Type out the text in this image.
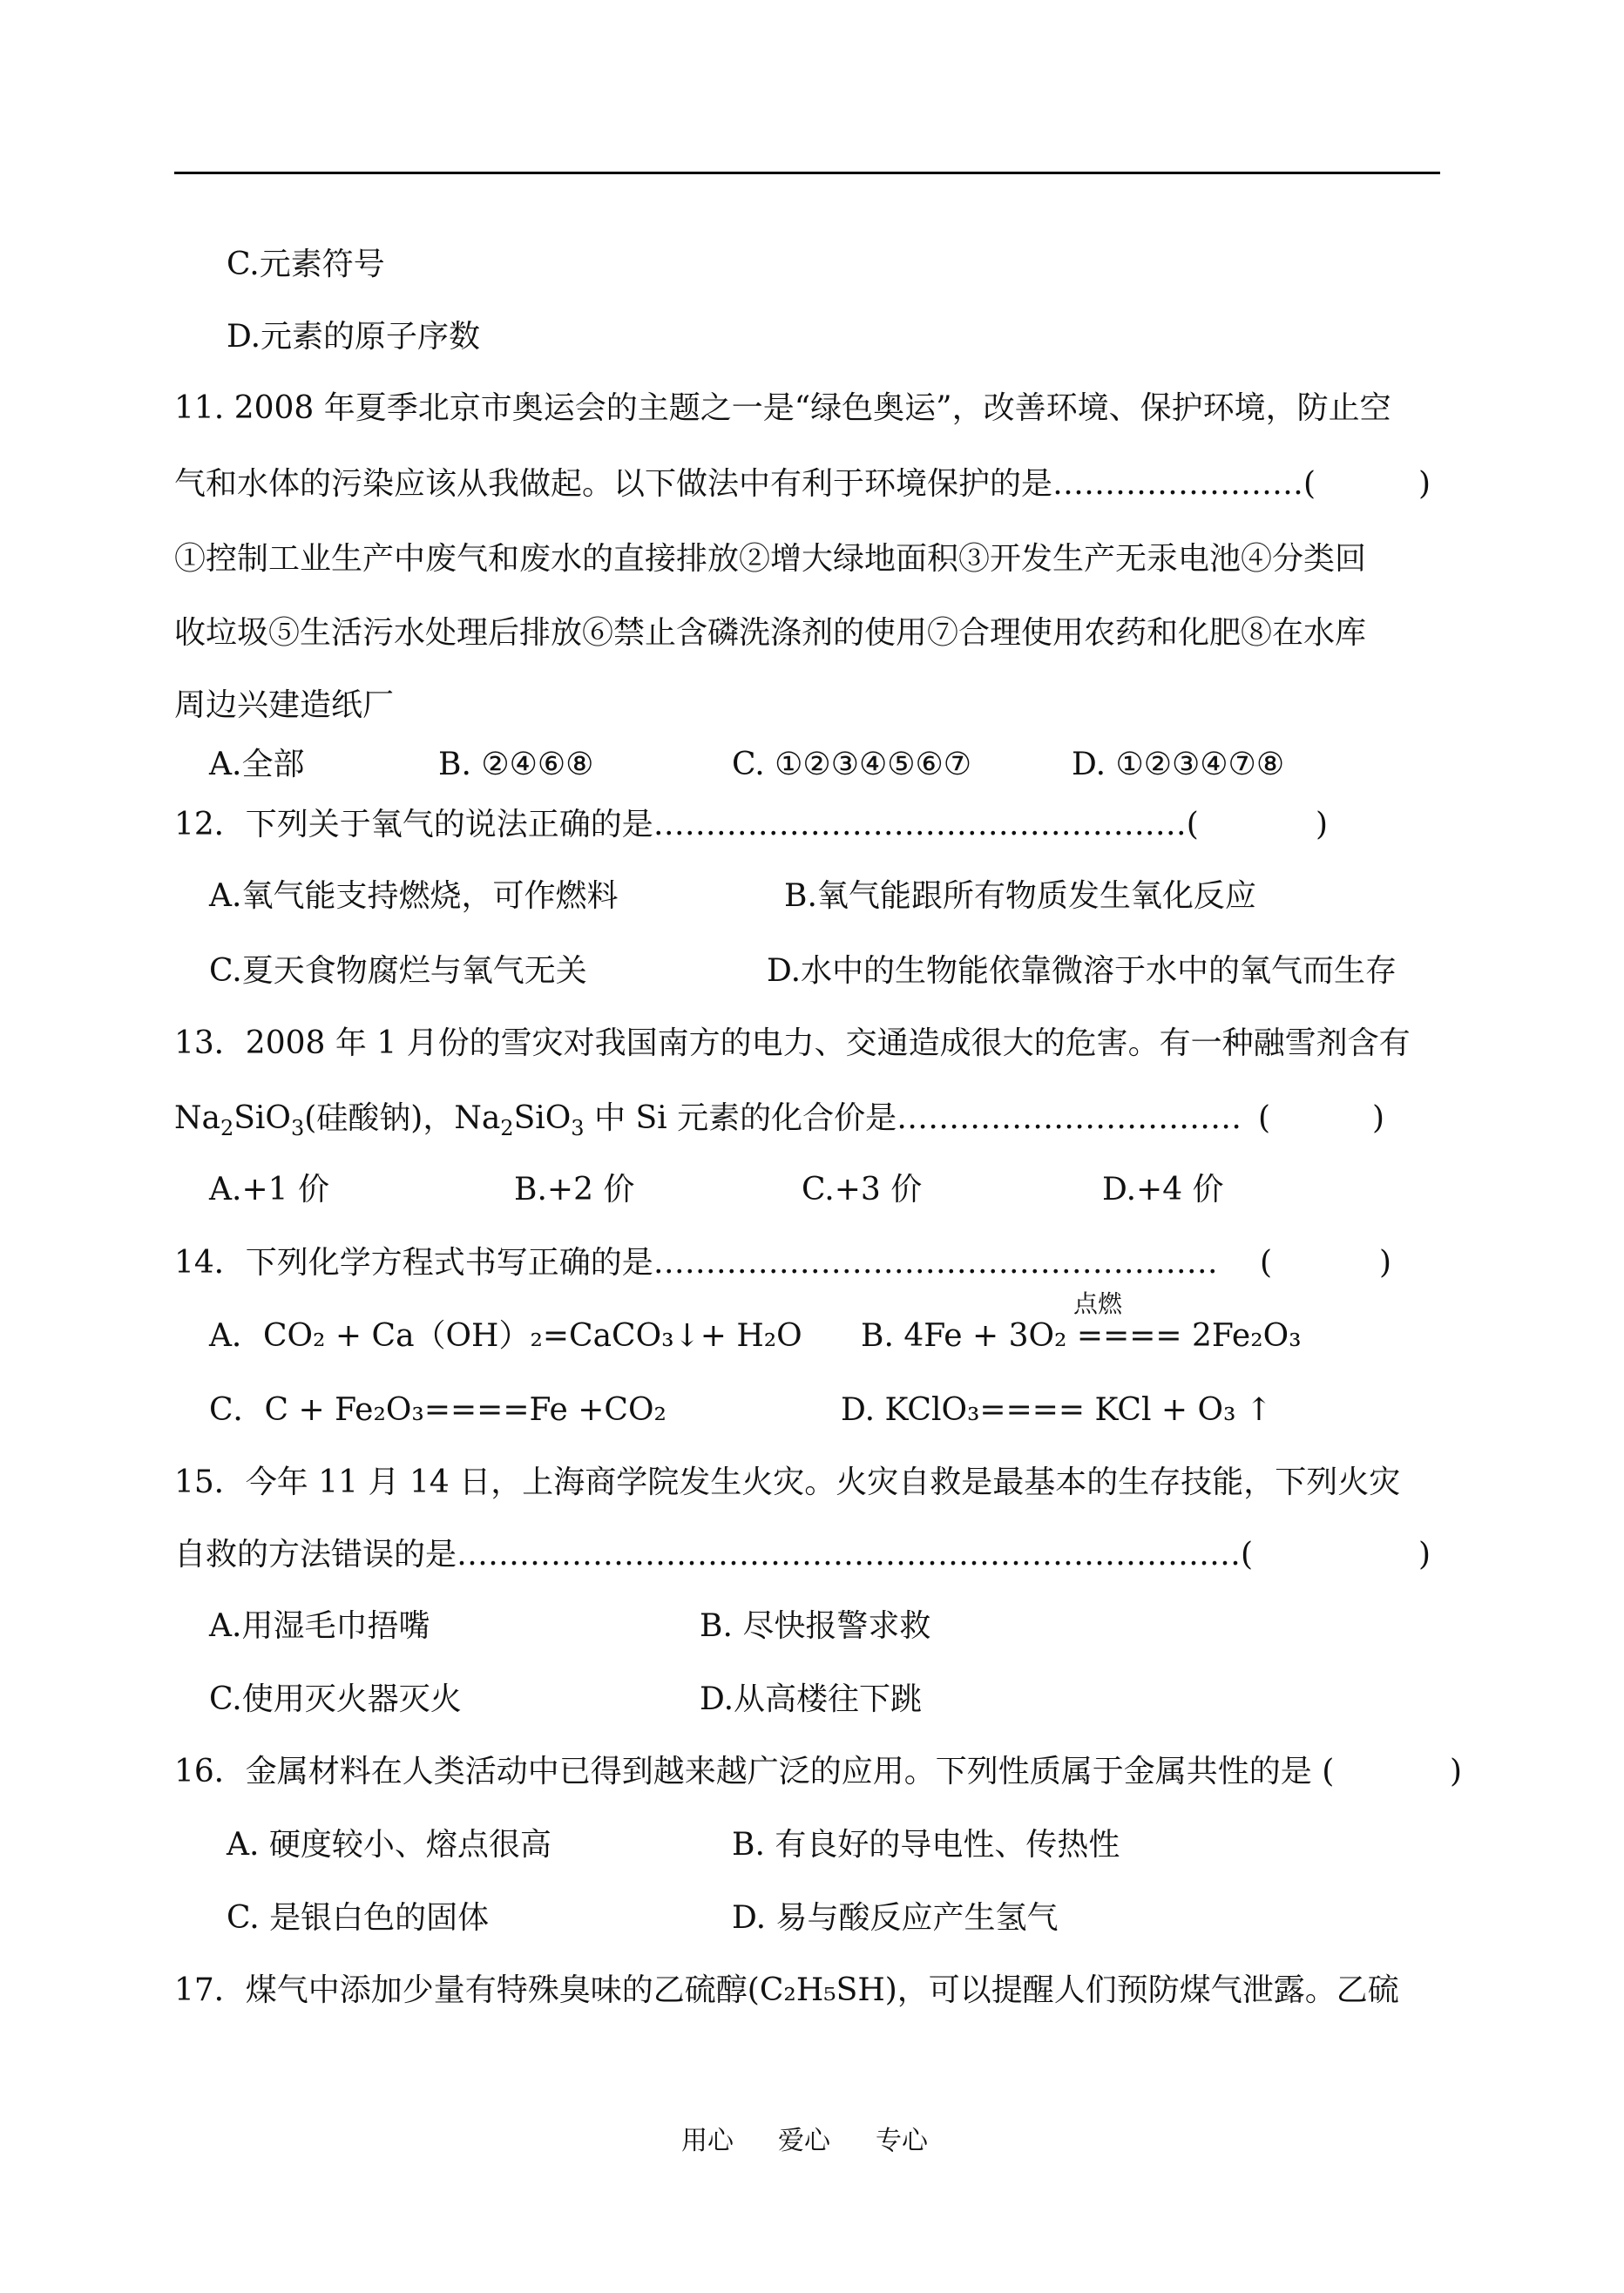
C.元素符号
D.元素的原子序数
11. 2008 年夏季北京市奥运会的主题之一是“绿色奥运”，改善环境、保护环境，防止空
气和水体的污染应该从我做起。以下做法中有利于环境保护的是……………………(	)
①控制工业生产中废气和废水的直接排放②增大绿地面积③开发生产无汞电池④分类回
收垃圾⑤生活污水处理后排放⑥禁止含磷洗涤剂的使用⑦合理使用农药和化肥⑧在水库
周边兴建造纸厂
A.全部	B. ②④⑥⑧	C. ①②③④⑤⑥⑦	D. ①②③④⑦⑧
12．下列关于氧气的说法正确的是……………………………………………(	)
A.氧气能支持燃烧，可作燃料	B.氧气能跟所有物质发生氧化反应
C.夏天食物腐烂与氧气无关	D.水中的生物能依靠微溶于水中的氧气而生存
13．2008 年 1 月份的雪灾对我国南方的电力、交通造成很大的危害。有一种融雪剂含有
$Na_2SiO_3$(硅酸钠)，$Na_2SiO_3$ 中 Si 元素的化合价是…………………………… (	)
A.+1 价	B.+2 价	C.+3 价	D.+4 价
14．下列化学方程式书写正确的是……………………………………………… (	)
A．CO₂ + Ca（OH）₂=CaCO₃↓+ H₂O
点燃
B. 4Fe + 3O₂ ==== 2Fe₂O₃
C．C + Fe₂O₃====Fe +CO₂	D. KClO₃==== KCl + O₃ ↑
15．今年 11 月 14 日，上海商学院发生火灾。火灾自救是最基本的生存技能，下列火灾
自救的方法错误的是…………………………………………………………………(	)
A.用湿毛巾捂嘴	B. 尽快报警求救
C.使用灭火器灭火	D.从高楼往下跳
16．金属材料在人类活动中已得到越来越广泛的应用。下列性质属于金属共性的是 (	)
A. 硬度较小、熔点很高	B. 有良好的导电性、传热性
C. 是银白色的固体	D. 易与酸反应产生氢气
17．煤气中添加少量有特殊臭味的乙硫醇(C₂H₅SH)，可以提醒人们预防煤气泄露。乙硫
用心 爱心 专心
